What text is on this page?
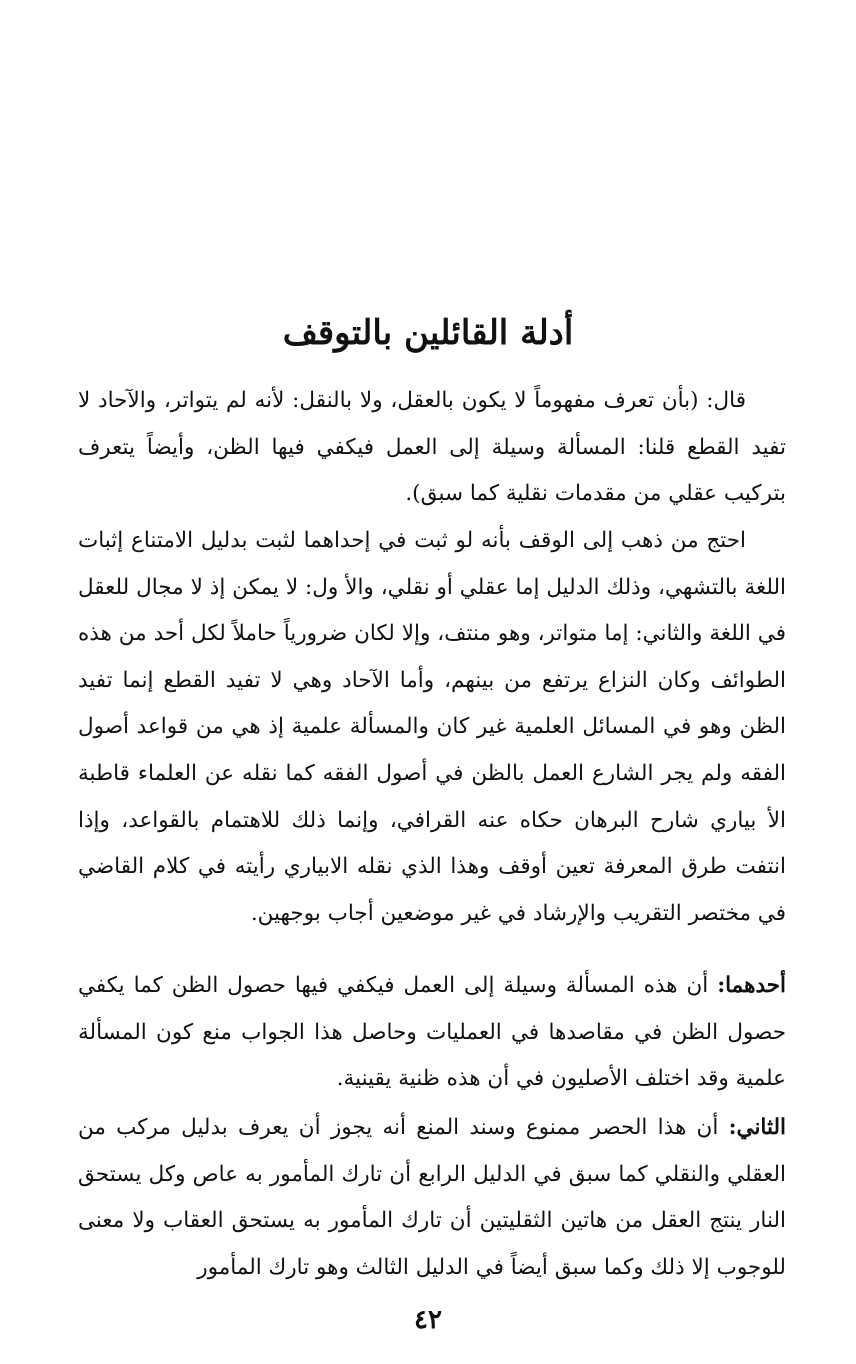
أدلة القائلين بالتوقف

قال: (بأن تعرف مفهوماً لا يكون بالعقل، ولا بالنقل: لأنه لم يتواتر، والآحاد لا تفيد القطع قلنا: المسألة وسيلة إلى العمل فيكفي فيها الظن، وأيضاً يتعرف بتركيب عقلي من مقدمات نقلية كما سبق).

احتج من ذهب إلى الوقف بأنه لو ثبت في إحداهما لثبت بدليل الامتناع إثبات اللغة بالتشهي، وذلك الدليل إما عقلي أو نقلي، والأ ول: لا يمكن إذ لا مجال للعقل في اللغة والثاني: إما متواتر، وهو منتف، وإلا لكان ضرورياً حاملاً لكل أحد من هذه الطوائف وكان النزاع يرتفع من بينهم، وأما الآحاد وهي لا تفيد القطع إنما تفيد الظن وهو في المسائل العلمية غير كان والمسألة علمية إذ هي من قواعد أصول الفقه ولم يجر الشارع العمل بالظن في أصول الفقه كما نقله عن العلماء قاطبة الأ بياري شارح البرهان حكاه عنه القرافي، وإنما ذلك للاهتمام بالقواعد، وإذا انتفت طرق المعرفة تعين أوقف وهذا الذي نقله الابياري رأيته في كلام القاضي في مختصر التقريب والإرشاد في غير موضعين أجاب بوجهين.

أحدهما: أن هذه المسألة وسيلة إلى العمل فيكفي فيها حصول الظن كما يكفي حصول الظن في مقاصدها في العمليات وحاصل هذا الجواب منع كون المسألة علمية وقد اختلف الأصليون في أن هذه ظنية يقينية.

الثاني: أن هذا الحصر ممنوع وسند المنع أنه يجوز أن يعرف بدليل مركب من العقلي والنقلي كما سبق في الدليل الرابع أن تارك المأمور به عاص وكل يستحق النار ينتج العقل من هاتين الثقليتين أن تارك المأمور به يستحق العقاب ولا معنى للوجوب إلا ذلك وكما سبق أيضاً في الدليل الثالث وهو تارك المأمور

٤٢
